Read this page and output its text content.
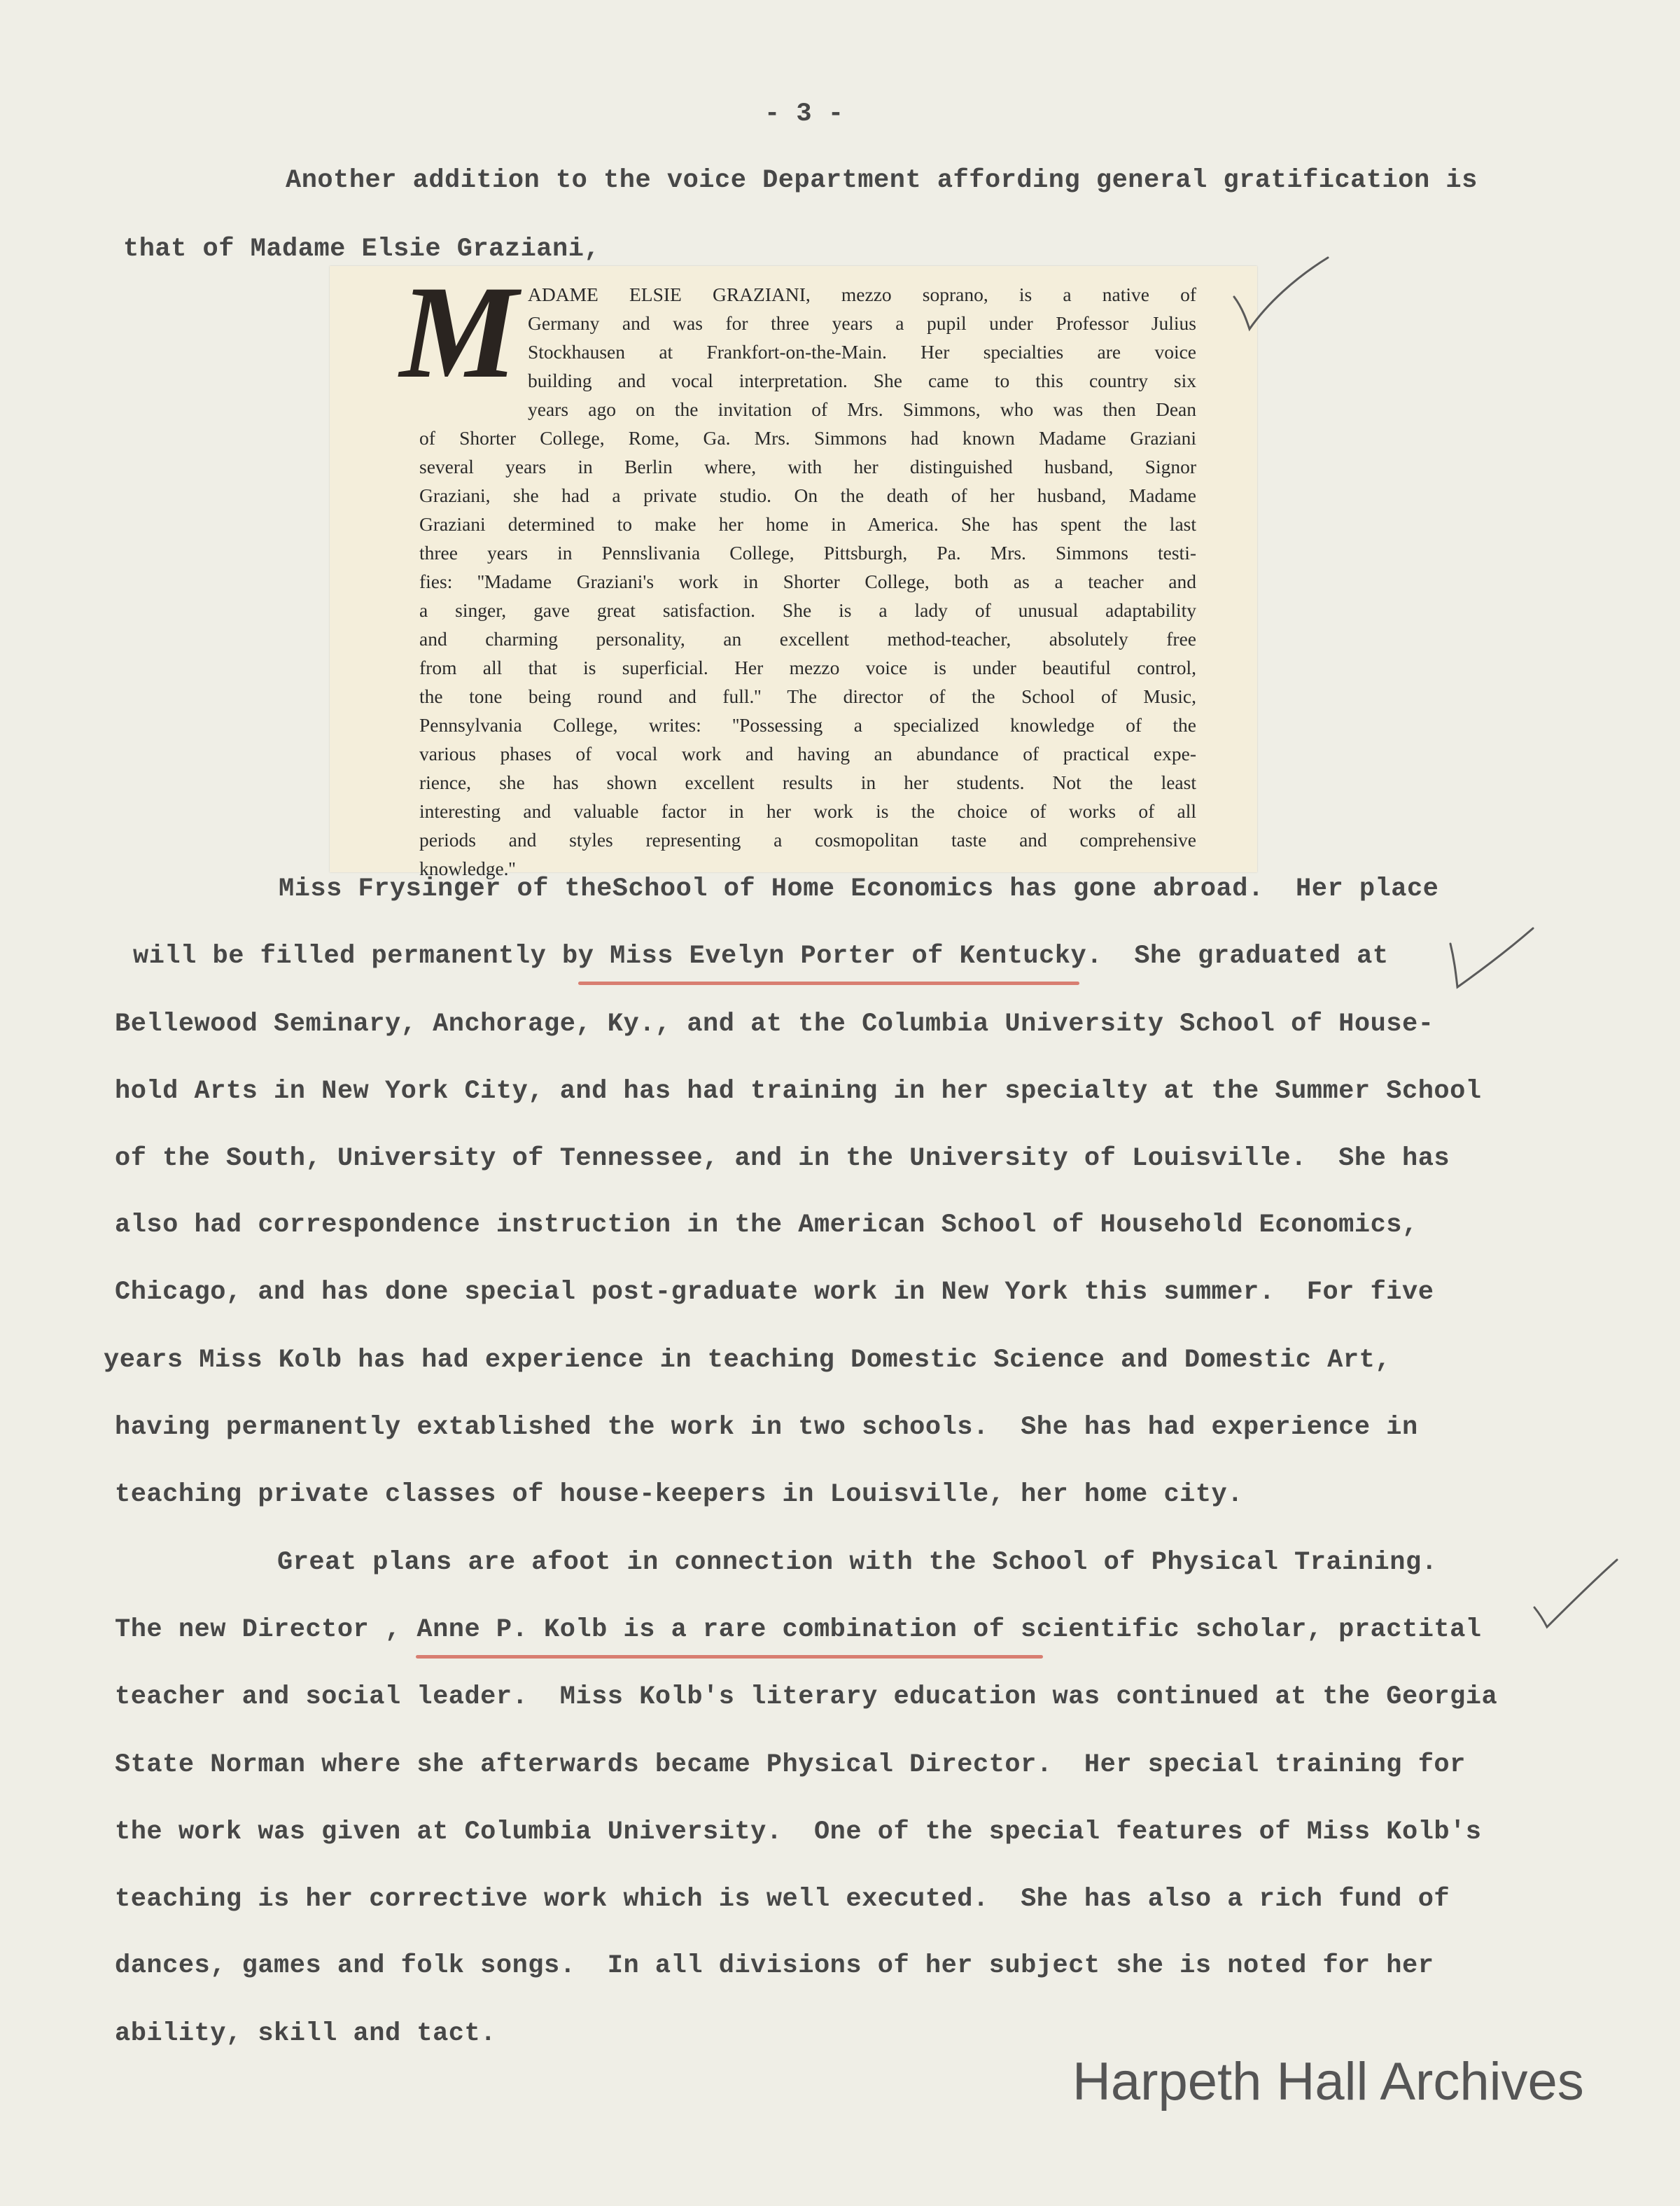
- 3 -
Another addition to the voice Department affording general gratification is
that of Madame Elsie Graziani,
M ADAME ELSIE GRAZIANI, mezzo soprano, is a native of
Germany and was for three years a pupil under Professor Julius
Stockhausen at Frankfort-on-the-Main. Her specialties are voice
building and vocal interpretation. She came to this country six
years ago on the invitation of Mrs. Simmons, who was then Dean
of Shorter College, Rome, Ga. Mrs. Simmons had known Madame Graziani
several years in Berlin where, with her distinguished husband, Signor
Graziani, she had a private studio. On the death of her husband, Madame
Graziani determined to make her home in America. She has spent the last
three years in Pennslivania College, Pittsburgh, Pa. Mrs. Simmons testi-
fies: ''Madame Graziani's work in Shorter College, both as a teacher and
a singer, gave great satisfaction. She is a lady of unusual adaptability
and charming personality, an excellent method-teacher, absolutely free
from all that is superficial. Her mezzo voice is under beautiful control,
the tone being round and full.'' The director of the School of Music,
Pennsylvania College, writes: ''Possessing a specialized knowledge of the
various phases of vocal work and having an abundance of practical expe-
rience, she has shown excellent results in her students. Not the least
interesting and valuable factor in her work is the choice of works of all
periods and styles representing a cosmopolitan taste and comprehensive
knowledge.''
Miss Frysinger of theSchool of Home Economics has gone abroad.  Her place
will be filled permanently by Miss Evelyn Porter of Kentucky.  She graduated at
Bellewood Seminary, Anchorage, Ky., and at the Columbia University School of House-
hold Arts in New York City, and has had training in her specialty at the Summer School
of the South, University of Tennessee, and in the University of Louisville.  She has
also had correspondence instruction in the American School of Household Economics,
Chicago, and has done special post-graduate work in New York this summer.  For five
years Miss Kolb has had experience in teaching Domestic Science and Domestic Art,
having permanently extablished the work in two schools.  She has had experience in
teaching private classes of house-keepers in Louisville, her home city.
Great plans are afoot in connection with the School of Physical Training.
The new Director , Anne P. Kolb is a rare combination of scientific scholar, practital
teacher and social leader.  Miss Kolb's literary education was continued at the Georgia
State Norman where she afterwards became Physical Director.  Her special training for
the work was given at Columbia University.  One of the special features of Miss Kolb's
teaching is her corrective work which is well executed.  She has also a rich fund of
dances, games and folk songs.  In all divisions of her subject she is noted for her
ability, skill and tact.
Harpeth Hall Archives
